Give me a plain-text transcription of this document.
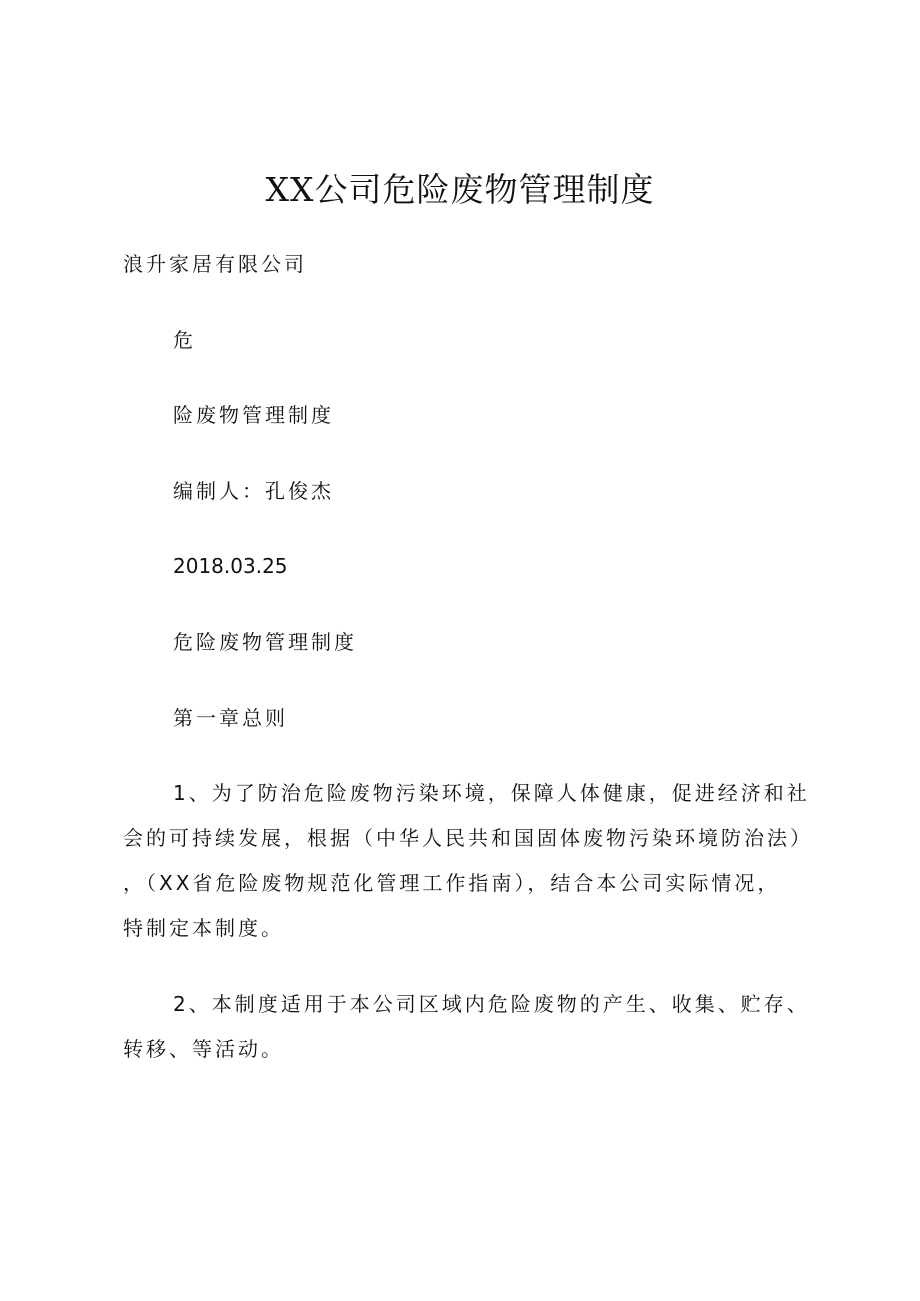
XX公司危险废物管理制度

浪升家居有限公司

危

险废物管理制度

编制人：孔俊杰

2018.03.25

危险废物管理制度

第一章总则

1、为了防治危险废物污染环境，保障人体健康，促进经济和社
会的可持续发展，根据（中华人民共和国固体废物污染环境防治法）
，（XX省危险废物规范化管理工作指南），结合本公司实际情况，
特制定本制度。
2、本制度适用于本公司区域内危险废物的产生、收集、贮存、
转移、等活动。
